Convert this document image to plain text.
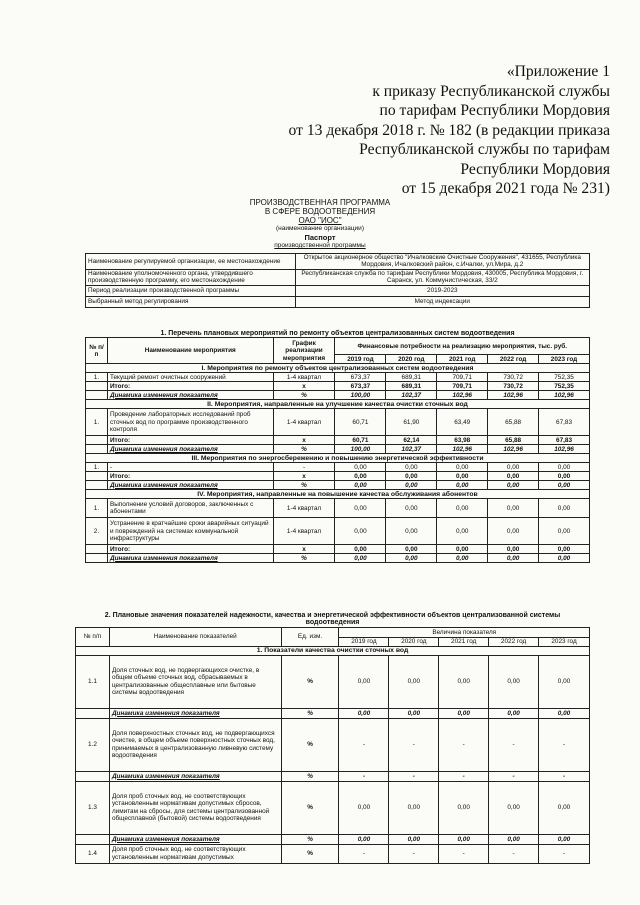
«Приложение 1
к приказу Республиканской службы
по тарифам Республики Мордовия
от 13 декабря 2018 г. № 182 (в редакции приказа
Республиканской службы по тарифам
Республики Мордовия
от 15 декабря 2021 года № 231)
ПРОИЗВОДСТВЕННАЯ ПРОГРАММА
В СФЕРЕ ВОДООТВЕДЕНИЯ
ОАО "ИОС"
(наименование организации)
Паспорт
производственной программы
Наименование регулируемой организации, ее местонахождение	Открытое акционерное общество "Ичалковские Очистные Сооружения", 431655, Республика Мордовия, Ичалковский район, с.Ичалки, ул.Мира, д.2
Наименование уполномоченного органа, утвердившего производственную программу, его местонахождение	Республиканская служба по тарифам Республики Мордовия, 430005, Республика Мордовия, г. Саранск, ул. Коммунистическая, 33/2
Период реализации производственной программы	2019-2023
Выбранный метод регулирования	Метод индексации
1. Перечень плановых мероприятий по ремонту объектов централизованных систем водоотведения							
№ п/п	Наименование мероприятия	График реализации мероприятия	Финансовые потребности на реализацию мероприятия, тыс. руб.				
			2019 год	2020 год	2021 год	2022 год	2023 год
I. Мероприятия по ремонту объектов централизованных систем водоотведения							
1.	Текущий ремонт очистных сооружений	1-4 квартал	673,37	689,31	709,71	730,72	752,35
	Итого:	x	673,37	689,31	709,71	730,72	752,35
	Динамика изменения показателя	%	100,00	102,37	102,96	102,96	102,96
II. Мероприятия, направленные на улучшение качества очистки сточных вод							
1.	Проведение лабораторных исследований проб сточных вод по программе производственного контроля	1-4 квартал	60,71	61,90	63,49	65,88	67,83
	Итого:	x	60,71	62,14	63,98	65,88	67,83
	Динамика изменения показателя	%	100,00	102,37	102,96	102,96	102,96
III. Мероприятия по энергосбережению и повышению энергетической эффективности							
1.	-	-	0,00	0,00	0,00	0,00	0,00
	Итого:	x	0,00	0,00	0,00	0,00	0,00
	Динамика изменения показателя	%	0,00	0,00	0,00	0,00	0,00
IV. Мероприятия, направленные на повышение качества обслуживания абонентов							
1.	Выполнение условий договоров, заключенных с абонентами	1-4 квартал	0,00	0,00	0,00	0,00	0,00
2.	Устранение в кратчайшие сроки аварийных ситуаций и повреждений на системах коммунальной инфраструктуры	1-4 квартал	0,00	0,00	0,00	0,00	0,00
	Итого:	x	0,00	0,00	0,00	0,00	0,00
	Динамика изменения показателя	%	0,00	0,00	0,00	0,00	0,00
2. Плановые значения показателей надежности, качества и энергетической эффективности объектов централизованной системы водоотведения							
№ п/п	Наименование показателей	Ед. изм.	Величина показателя				
			2019 год	2020 год	2021 год	2022 год	2023 год
1. Показатели качества очистки сточных вод							
1.1	Доля сточных вод, не подвергающихся очистке, в общем объеме сточных вод, сбрасываемых в централизованные общесплавные или бытовые системы водоотведения	%	0,00	0,00	0,00	0,00	0,00
	Динамика изменения показателя	%	0,00	0,00	0,00	0,00	0,00
1.2	Доля поверхностных сточных вод, не подвергающихся очистке, в общем объеме поверхностных сточных вод, принимаемых в централизованную ливневую систему водоотведения	%	-	-	-	-	-
	Динамика изменения показателя	%	-	-	-	-	-
1.3	Доля проб сточных вод, не соответствующих установленным нормативам допустимых сбросов, лимитам на сбросы, для системы централизованной общесплавной (бытовой) системы водоотведения	%	0,00	0,00	0,00	0,00	0,00
	Динамика изменения показателя	%	0,00	0,00	0,00	0,00	0,00
1.4	Доля проб сточных вод, не соответствующих установленным нормативам допустимых	%	-	-	-	-	-
